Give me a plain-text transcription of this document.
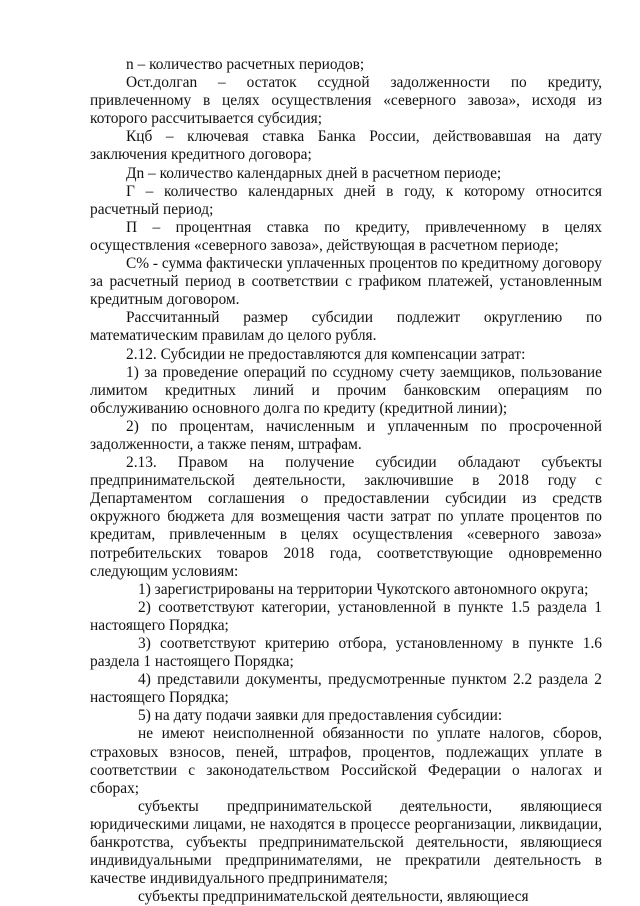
n – количество расчетных периодов;

Ост.долгаn – остаток ссудной задолженности по кредиту, привлеченному в целях осуществления «северного завоза», исходя из которого рассчитывается субсидия;

Кцб – ключевая ставка Банка России, действовавшая на дату заключения кредитного договора;

Дn – количество календарных дней в расчетном периоде;

Г – количество календарных дней в году, к которому относится расчетный период;

П – процентная ставка по кредиту, привлеченному в целях осуществления «северного завоза», действующая в расчетном периоде;

С% - сумма фактически уплаченных процентов по кредитному договору за расчетный период в соответствии с графиком платежей, установленным кредитным договором.

Рассчитанный размер субсидии подлежит округлению по математическим правилам до целого рубля.

2.12. Субсидии не предоставляются для компенсации затрат:

1) за проведение операций по ссудному счету заемщиков, пользование лимитом кредитных линий и прочим банковским операциям по обслуживанию основного долга по кредиту (кредитной линии);

2) по процентам, начисленным и уплаченным по просроченной задолженности, а также пеням, штрафам.

2.13. Правом на получение субсидии обладают субъекты предпринимательской деятельности, заключившие в 2018 году с Департаментом соглашения о предоставлении субсидии из средств окружного бюджета для возмещения части затрат по уплате процентов по кредитам, привлеченным в целях осуществления «северного завоза» потребительских товаров 2018 года, соответствующие одновременно следующим условиям:

1) зарегистрированы на территории Чукотского автономного округа;

2) соответствуют категории, установленной в пункте 1.5 раздела 1 настоящего Порядка;

3) соответствуют критерию отбора, установленному в пункте 1.6 раздела 1 настоящего Порядка;

4) представили документы, предусмотренные пунктом 2.2 раздела 2 настоящего Порядка;

5) на дату подачи заявки для предоставления субсидии:

не имеют неисполненной обязанности по уплате налогов, сборов, страховых взносов, пеней, штрафов, процентов, подлежащих уплате в соответствии с законодательством Российской Федерации о налогах и сборах;

субъекты предпринимательской деятельности, являющиеся юридическими лицами, не находятся в процессе реорганизации, ликвидации, банкротства, субъекты предпринимательской деятельности, являющиеся индивидуальными предпринимателями, не прекратили деятельность в качестве индивидуального предпринимателя;

субъекты предпринимательской деятельности, являющиеся
